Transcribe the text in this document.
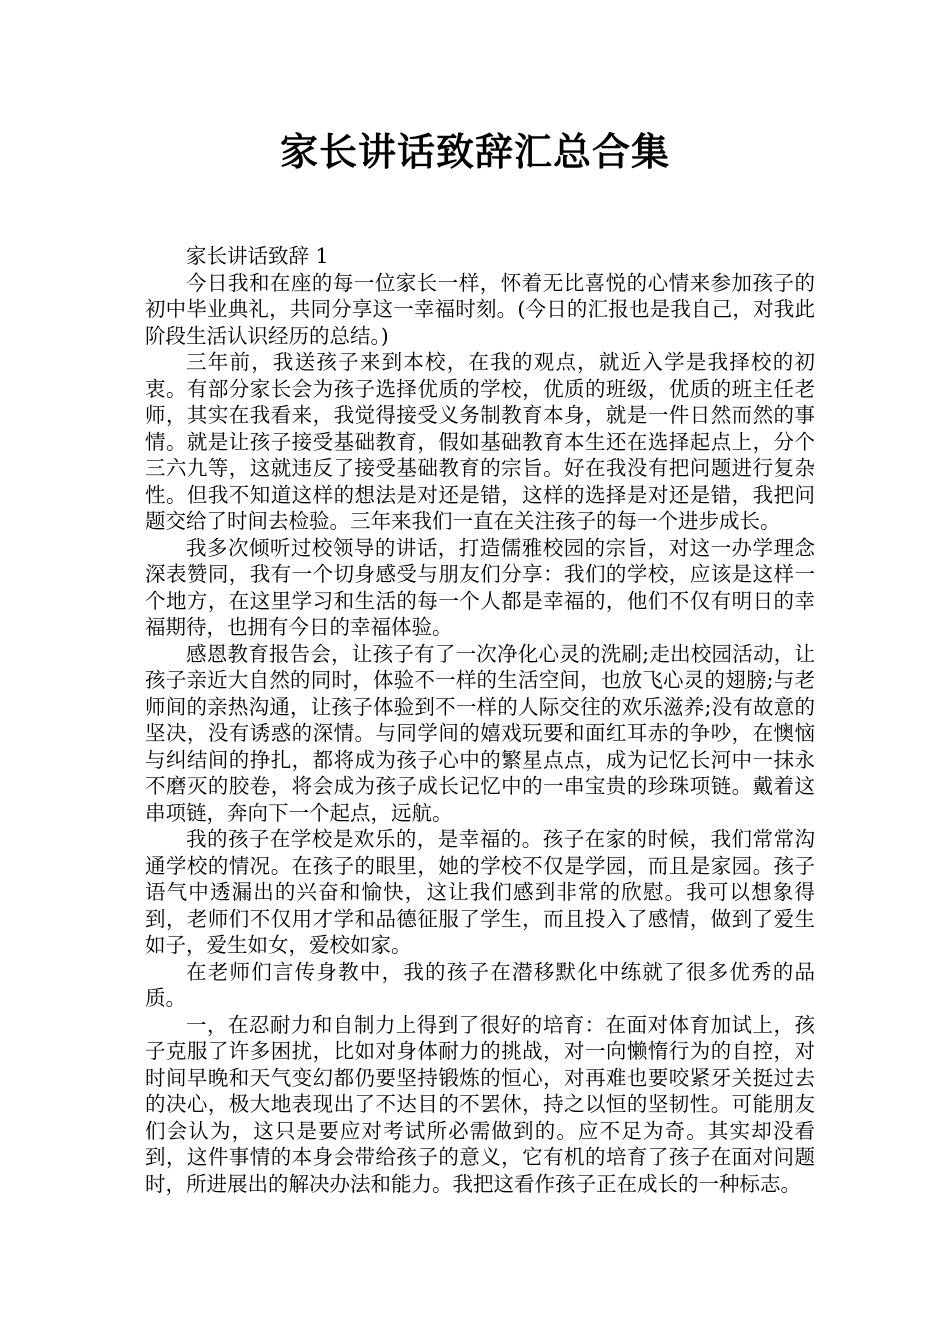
家长讲话致辞汇总合集

家长讲话致辞 1

今日我和在座的每一位家长一样，怀着无比喜悦的心情来参加孩子的初中毕业典礼，共同分享这一幸福时刻。(今日的汇报也是我自己，对我此阶段生活认识经历的总结。)

三年前，我送孩子来到本校，在我的观点，就近入学是我择校的初衷。有部分家长会为孩子选择优质的学校，优质的班级，优质的班主任老师，其实在我看来，我觉得接受义务制教育本身，就是一件日然而然的事情。就是让孩子接受基础教育，假如基础教育本生还在选择起点上，分个三六九等，这就违反了接受基础教育的宗旨。好在我没有把问题进行复杂性。但我不知道这样的想法是对还是错，这样的选择是对还是错，我把问题交给了时间去检验。三年来我们一直在关注孩子的每一个进步成长。

我多次倾听过校领导的讲话，打造儒雅校园的宗旨，对这一办学理念深表赞同，我有一个切身感受与朋友们分享：我们的学校，应该是这样一个地方，在这里学习和生活的每一个人都是幸福的，他们不仅有明日的幸福期待，也拥有今日的幸福体验。

感恩教育报告会，让孩子有了一次净化心灵的洗刷;走出校园活动，让孩子亲近大自然的同时，体验不一样的生活空间，也放飞心灵的翅膀;与老师间的亲热沟通，让孩子体验到不一样的人际交往的欢乐滋养;没有故意的坚决，没有诱惑的深情。与同学间的嬉戏玩要和面红耳赤的争吵，在懊恼与纠结间的挣扎，都将成为孩子心中的繁星点点，成为记忆长河中一抹永不磨灭的胶卷，将会成为孩子成长记忆中的一串宝贵的珍珠项链。戴着这串项链，奔向下一个起点，远航。

我的孩子在学校是欢乐的，是幸福的。孩子在家的时候，我们常常沟通学校的情况。在孩子的眼里，她的学校不仅是学园，而且是家园。孩子语气中透漏出的兴奋和愉快，这让我们感到非常的欣慰。我可以想象得到，老师们不仅用才学和品德征服了学生，而且投入了感情，做到了爱生如子，爱生如女，爱校如家。

在老师们言传身教中，我的孩子在潜移默化中练就了很多优秀的品质。

一，在忍耐力和自制力上得到了很好的培育：在面对体育加试上，孩子克服了许多困扰，比如对身体耐力的挑战，对一向懒惰行为的自控，对时间早晚和天气变幻都仍要坚持锻炼的恒心，对再难也要咬紧牙关挺过去的决心，极大地表现出了不达目的不罢休，持之以恒的坚韧性。可能朋友们会认为，这只是要应对考试所必需做到的。应不足为奇。其实却没看到，这件事情的本身会带给孩子的意义，它有机的培育了孩子在面对问题时，所进展出的解决办法和能力。我把这看作孩子正在成长的一种标志。
